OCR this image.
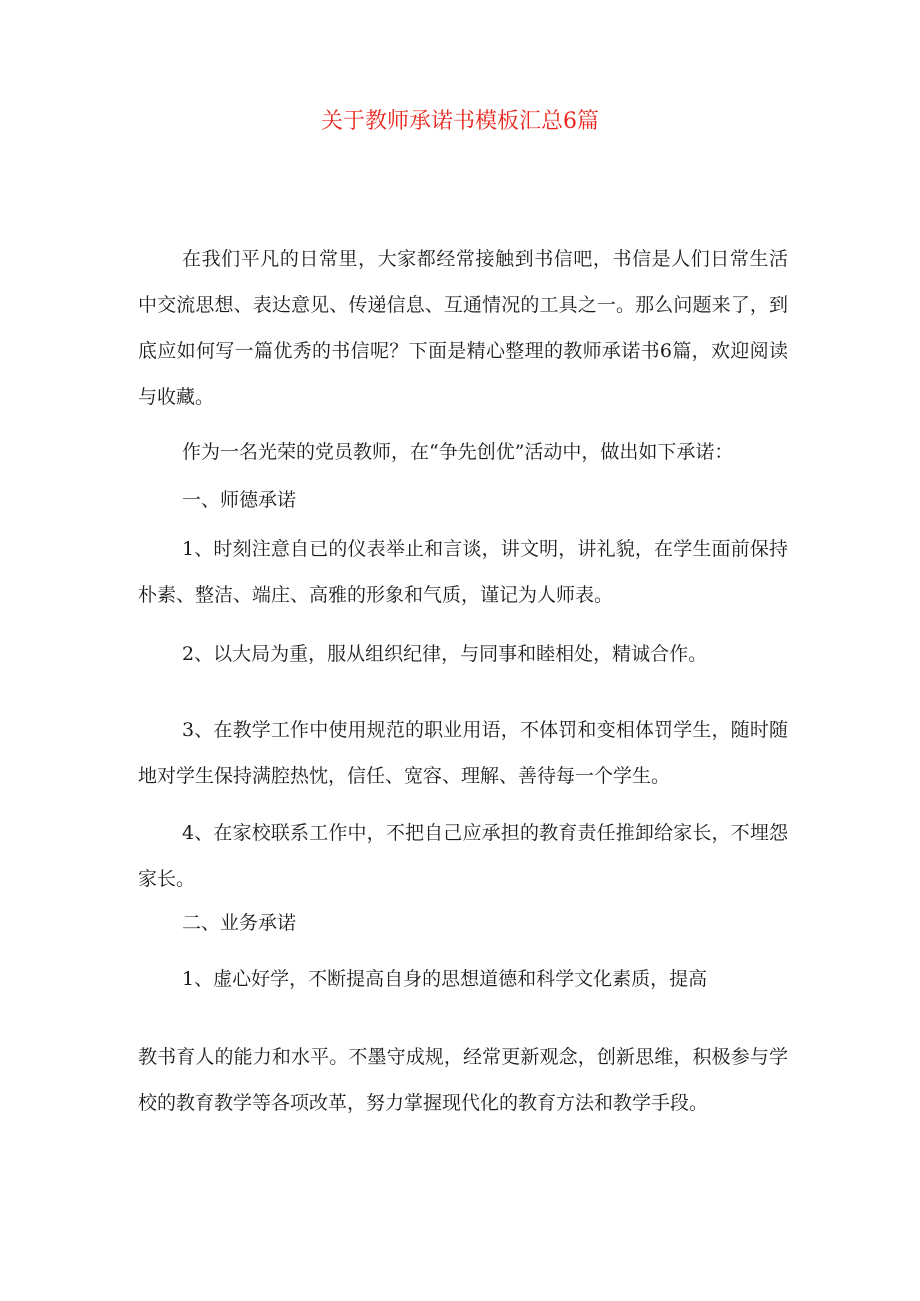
关于教师承诺书模板汇总6篇

在我们平凡的日常里，大家都经常接触到书信吧，书信是人们日常生活中交流思想、表达意见、传递信息、互通情况的工具之一。那么问题来了，到底应如何写一篇优秀的书信呢？下面是精心整理的教师承诺书6篇，欢迎阅读与收藏。

作为一名光荣的党员教师，在“争先创优”活动中，做出如下承诺：

一、师德承诺

1、时刻注意自已的仪表举止和言谈，讲文明，讲礼貌，在学生面前保持朴素、整洁、端庄、高雅的形象和气质，谨记为人师表。

2、以大局为重，服从组织纪律，与同事和睦相处，精诚合作。

3、在教学工作中使用规范的职业用语，不体罚和变相体罚学生，随时随地对学生保持满腔热忱，信任、宽容、理解、善待每一个学生。

4、在家校联系工作中，不把自己应承担的教育责任推卸给家长，不埋怨家长。

二、业务承诺

1、虚心好学，不断提高自身的思想道德和科学文化素质，提高

教书育人的能力和水平。不墨守成规，经常更新观念，创新思维，积极参与学校的教育教学等各项改革，努力掌握现代化的教育方法和教学手段。
